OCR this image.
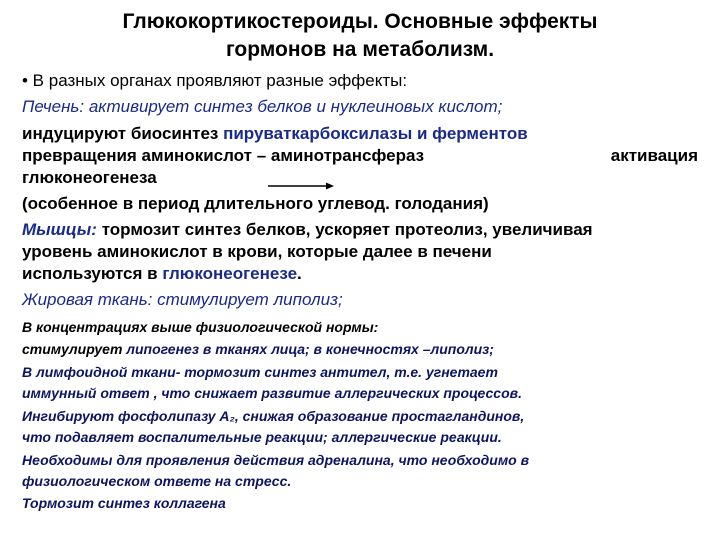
Глюкокортикостероиды. Основные эффекты
гормонов на метаболизм.
• В разных органах проявляют разные эффекты:
Печень: активирует синтез белков и нуклеиновых кислот;
индуцируют биосинтез пируваткарбоксилазы и ферментов
превращения аминокислот – аминотрансфераз	активация
глюконеогенеза
(особенное в период длительного углевод. голодания)
Мышцы: тормозит синтез белков, ускоряет протеолиз, увеличивая
уровень аминокислот в крови, которые далее в печени
используются в глюконеогенезе.
Жировая ткань: стимулирует липолиз;
В концентрациях выше физиологической нормы:
стимулирует липогенез в тканях лица; в конечностях –липолиз;
В лимфоидной ткани- тормозит синтез антител, т.е. угнетает
иммунный ответ , что снижает развитие аллергических процессов.
Ингибируют фосфолипазу А₂, снижая образование простагландинов,
что подавляет воспалительные реакции; аллергические реакции.
Необходимы для проявления действия адреналина, что необходимо в
физиологическом ответе на стресс.
Тормозит синтез коллагена
